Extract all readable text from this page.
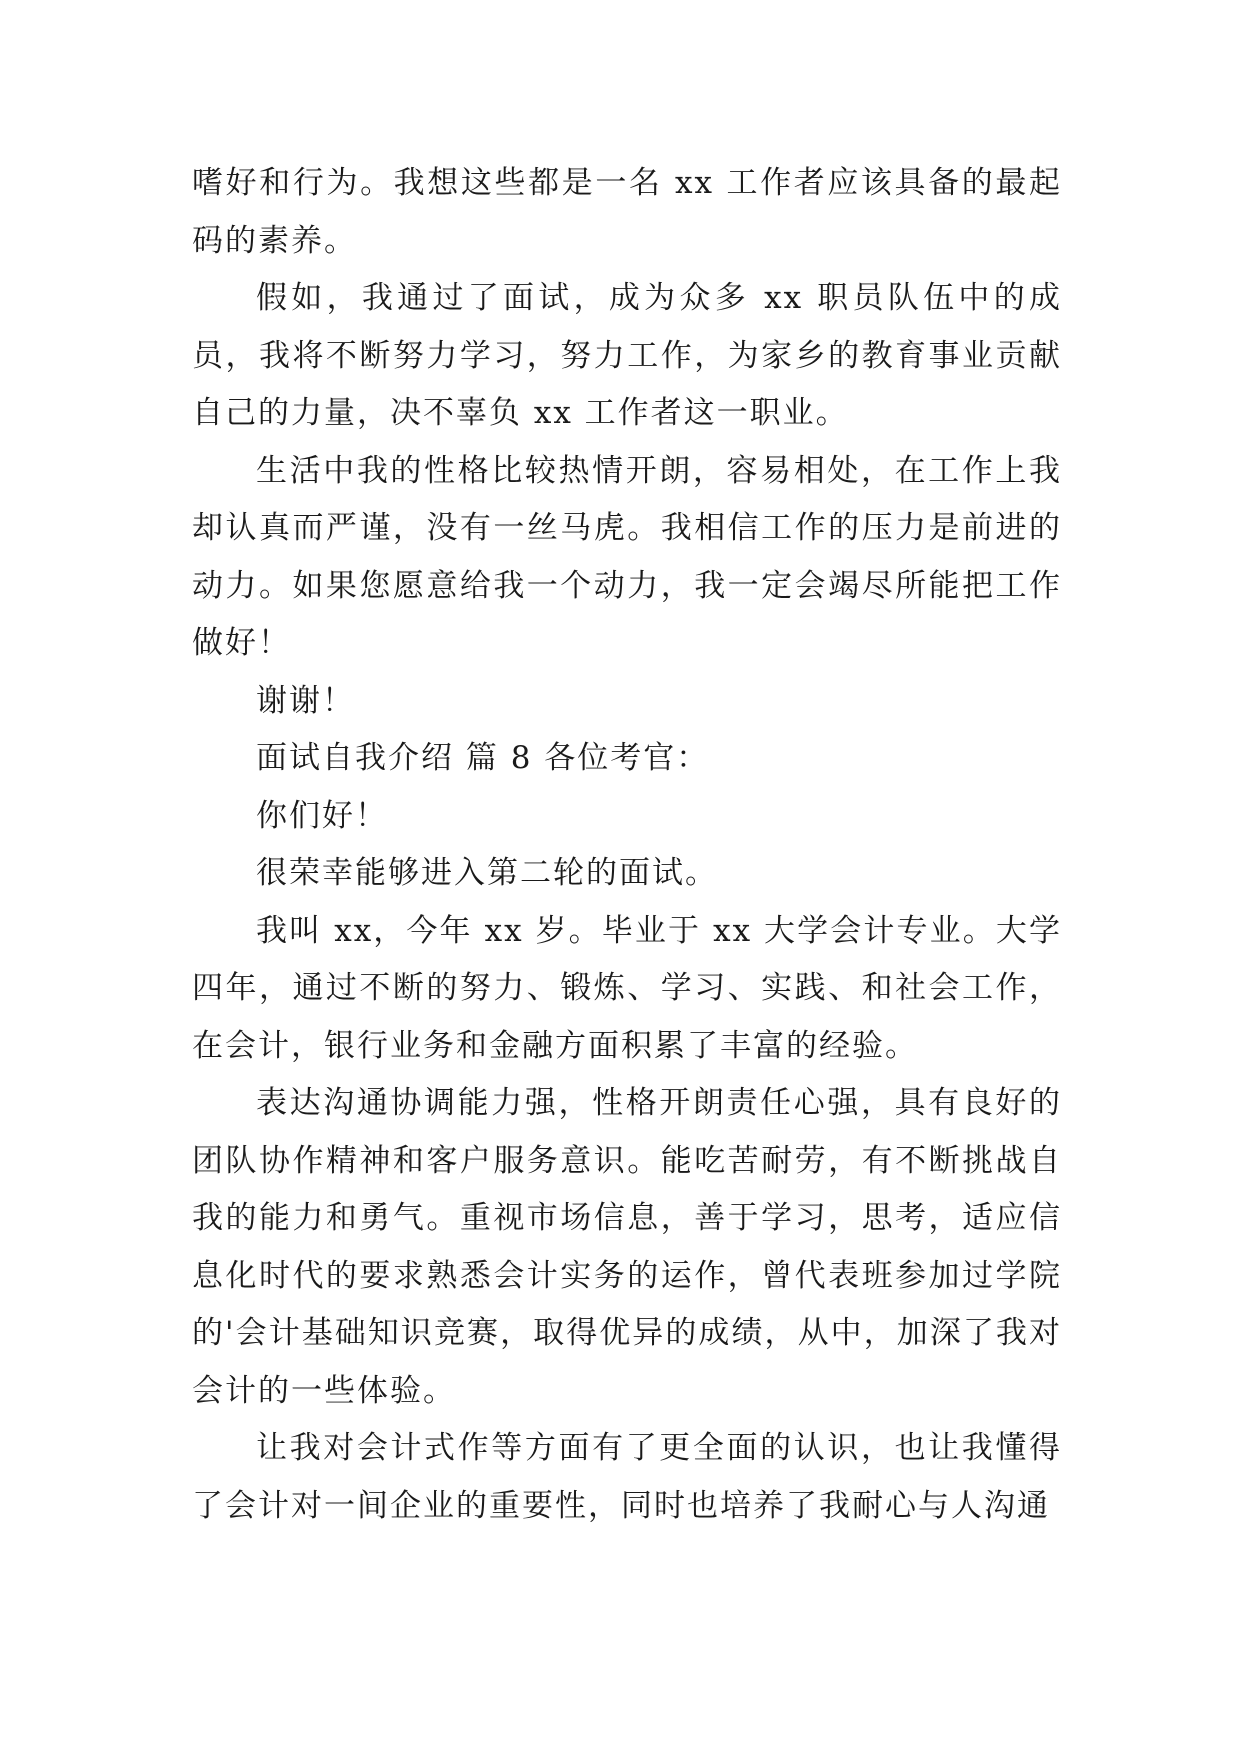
嗜好和行为。我想这些都是一名 xx 工作者应该具备的最起码的素养。

假如，我通过了面试，成为众多 xx 职员队伍中的成员，我将不断努力学习，努力工作，为家乡的教育事业贡献自己的力量，决不辜负 xx 工作者这一职业。

生活中我的性格比较热情开朗，容易相处，在工作上我却认真而严谨，没有一丝马虎。我相信工作的压力是前进的动力。如果您愿意给我一个动力，我一定会竭尽所能把工作做好！

谢谢！

面试自我介绍 篇 8 各位考官：

你们好！

很荣幸能够进入第二轮的面试。

我叫 xx，今年 xx 岁。毕业于 xx 大学会计专业。大学四年，通过不断的努力、锻炼、学习、实践、和社会工作，在会计，银行业务和金融方面积累了丰富的经验。

表达沟通协调能力强，性格开朗责任心强，具有良好的团队协作精神和客户服务意识。能吃苦耐劳，有不断挑战自我的能力和勇气。重视市场信息，善于学习，思考，适应信息化时代的要求熟悉会计实务的运作，曾代表班参加过学院的'会计基础知识竞赛，取得优异的成绩，从中，加深了我对会计的一些体验。

让我对会计式作等方面有了更全面的认识，也让我懂得了会计对一间企业的重要性，同时也培养了我耐心与人沟通
